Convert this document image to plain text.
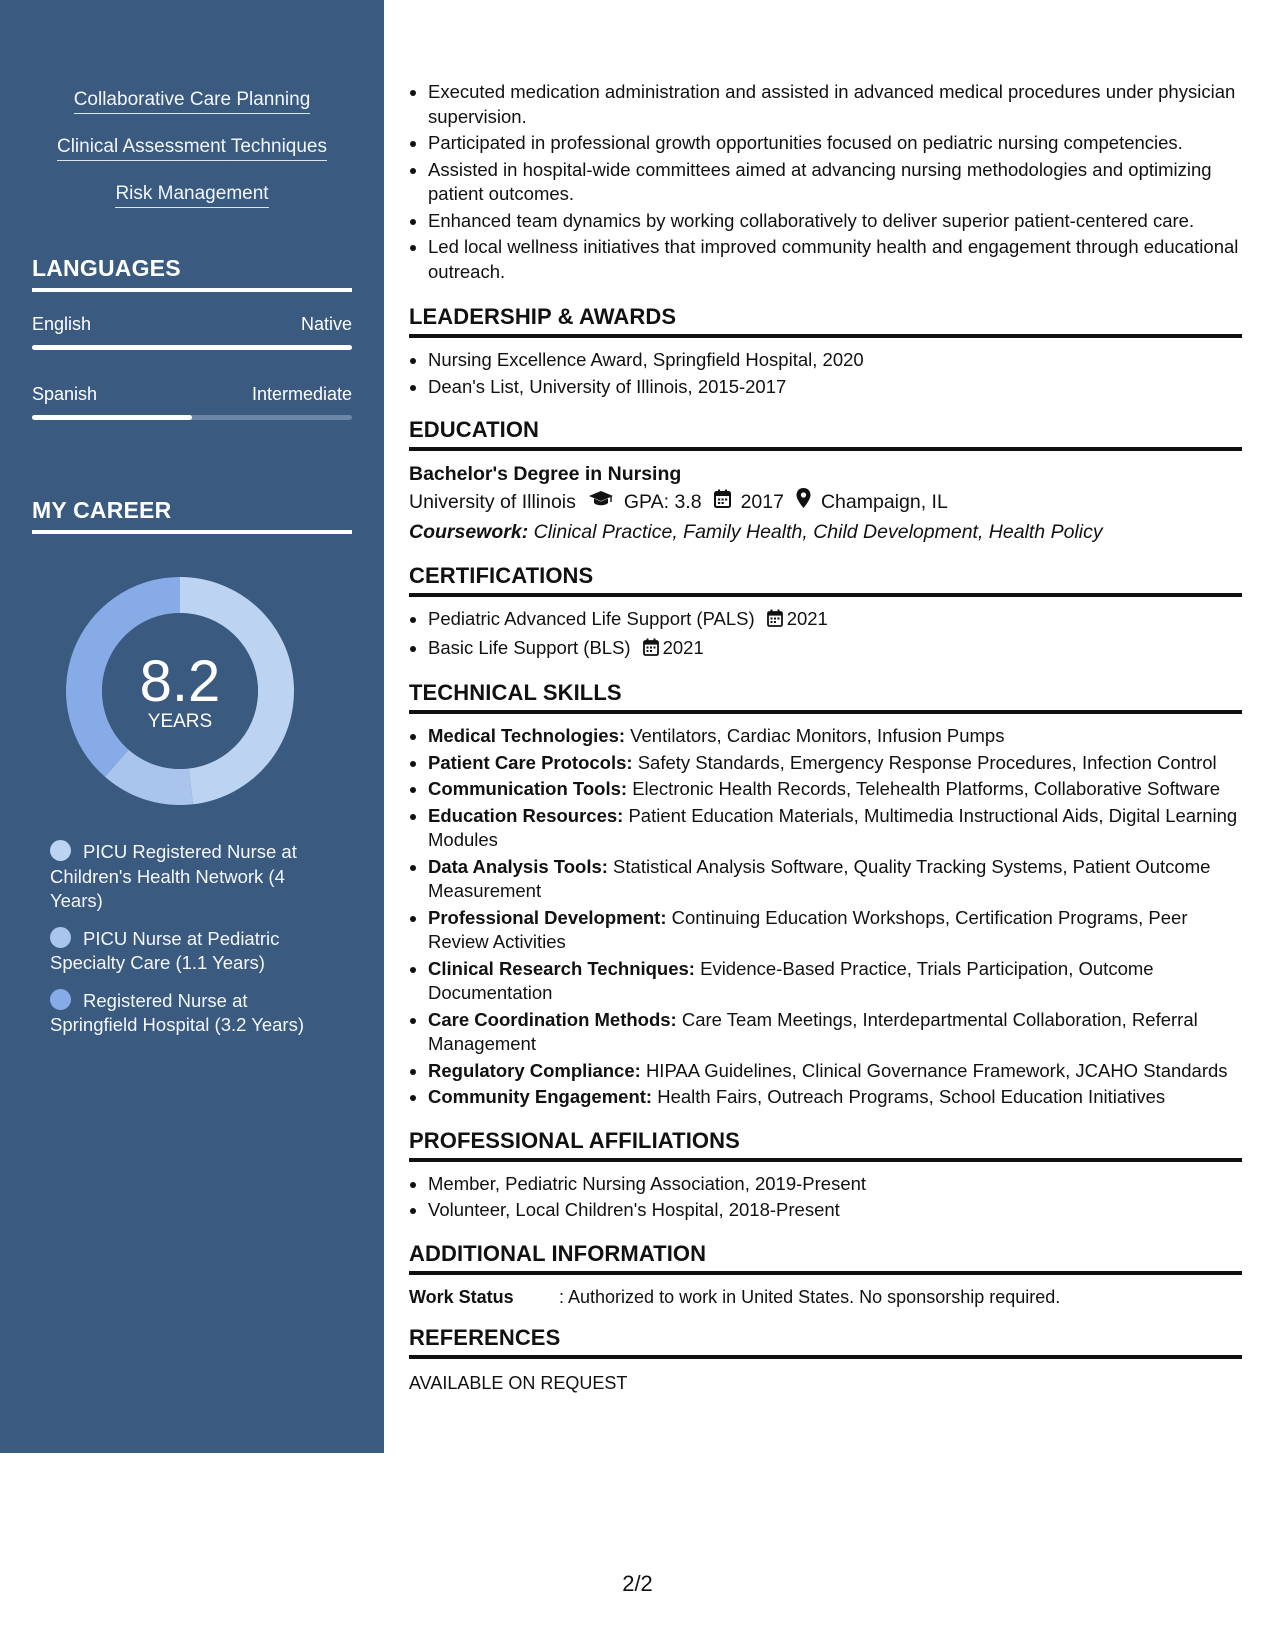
Collaborative Care Planning
Clinical Assessment Techniques
Risk Management
LANGUAGES
English	Native
Spanish	Intermediate
MY CAREER
8.2
YEARS
PICU Registered Nurse at Children's Health Network (4 Years)
PICU Nurse at Pediatric Specialty Care (1.1 Years)
Registered Nurse at Springfield Hospital (3.2 Years)
Executed medication administration and assisted in advanced medical procedures under physician supervision.
Participated in professional growth opportunities focused on pediatric nursing competencies.
Assisted in hospital-wide committees aimed at advancing nursing methodologies and optimizing patient outcomes.
Enhanced team dynamics by working collaboratively to deliver superior patient-centered care.
Led local wellness initiatives that improved community health and engagement through educational outreach.
LEADERSHIP & AWARDS
Nursing Excellence Award, Springfield Hospital, 2020
Dean's List, University of Illinois, 2015-2017
EDUCATION
Bachelor's Degree in Nursing
University of Illinois GPA: 3.8 2017 Champaign, IL
Coursework: Clinical Practice, Family Health, Child Development, Health Policy
CERTIFICATIONS
Pediatric Advanced Life Support (PALS) 2021
Basic Life Support (BLS) 2021
TECHNICAL SKILLS
Medical Technologies: Ventilators, Cardiac Monitors, Infusion Pumps
Patient Care Protocols: Safety Standards, Emergency Response Procedures, Infection Control
Communication Tools: Electronic Health Records, Telehealth Platforms, Collaborative Software
Education Resources: Patient Education Materials, Multimedia Instructional Aids, Digital Learning Modules
Data Analysis Tools: Statistical Analysis Software, Quality Tracking Systems, Patient Outcome Measurement
Professional Development: Continuing Education Workshops, Certification Programs, Peer Review Activities
Clinical Research Techniques: Evidence-Based Practice, Trials Participation, Outcome Documentation
Care Coordination Methods: Care Team Meetings, Interdepartmental Collaboration, Referral Management
Regulatory Compliance: HIPAA Guidelines, Clinical Governance Framework, JCAHO Standards
Community Engagement: Health Fairs, Outreach Programs, School Education Initiatives
PROFESSIONAL AFFILIATIONS
Member, Pediatric Nursing Association, 2019-Present
Volunteer, Local Children's Hospital, 2018-Present
ADDITIONAL INFORMATION
Work Status	: Authorized to work in United States. No sponsorship required.
REFERENCES
AVAILABLE ON REQUEST
2/2
